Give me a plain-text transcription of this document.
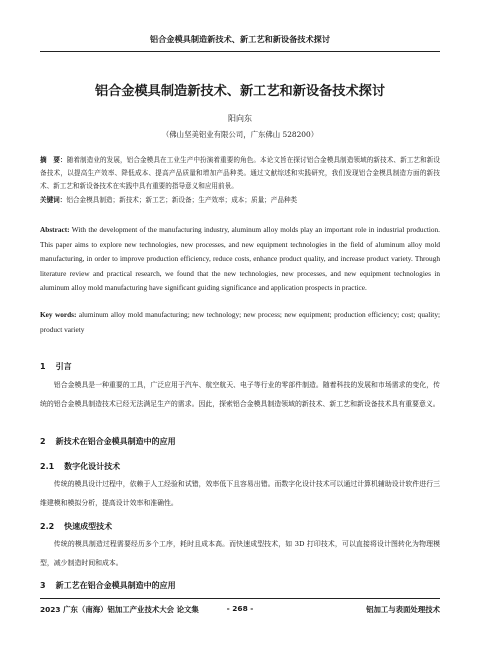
铝合金模具制造新技术、新工艺和新设备技术探讨
铝合金模具制造新技术、新工艺和新设备技术探讨
阳向东
（佛山坚美铝业有限公司，广东佛山 528200）
摘　要：随着制造业的发展，铝合金模具在工业生产中扮演着重要的角色。本论文旨在探讨铝合金模具制造领域的新技术、新工艺和新设备技术，以提高生产效率、降低成本、提高产品质量和增加产品种类。通过文献综述和实践研究，我们发现铝合金模具制造方面的新技术、新工艺和新设备技术在实践中具有重要的指导意义和应用前景。
关键词：铝合金模具制造；新技术；新工艺；新设备；生产效率；成本；质量；产品种类
Abstract: With the development of the manufacturing industry, aluminum alloy molds play an important role in industrial production. This paper aims to explore new technologies, new processes, and new equipment technologies in the field of aluminum alloy mold manufacturing, in order to improve production efficiency, reduce costs, enhance product quality, and increase product variety. Through literature review and practical research, we found that the new technologies, new processes, and new equipment technologies in aluminum alloy mold manufacturing have significant guiding significance and application prospects in practice.
Key words: aluminum alloy mold manufacturing; new technology; new process; new equipment; production efficiency; cost; quality; product variety
1 引言
铝合金模具是一种重要的工具，广泛应用于汽车、航空航天、电子等行业的零部件制造。随着科技的发展和市场需求的变化，传统的铝合金模具制造技术已经无法满足生产的需求。因此，探索铝合金模具制造领域的新技术、新工艺和新设备技术具有重要意义。
2 新技术在铝合金模具制造中的应用
2.1 数字化设计技术
传统的模具设计过程中，依赖于人工经验和试错，效率低下且容易出错。而数字化设计技术可以通过计算机辅助设计软件进行三维建模和模拟分析，提高设计效率和准确性。
2.2 快速成型技术
传统的模具制造过程需要经历多个工序，耗时且成本高。而快速成型技术，如 3D 打印技术，可以直接将设计图转化为物理模型，减少制造时间和成本。
3 新工艺在铝合金模具制造中的应用
2023 广东（南海）铝加工产业技术大会 论文集	- 268 -	铝加工与表面处理技术
